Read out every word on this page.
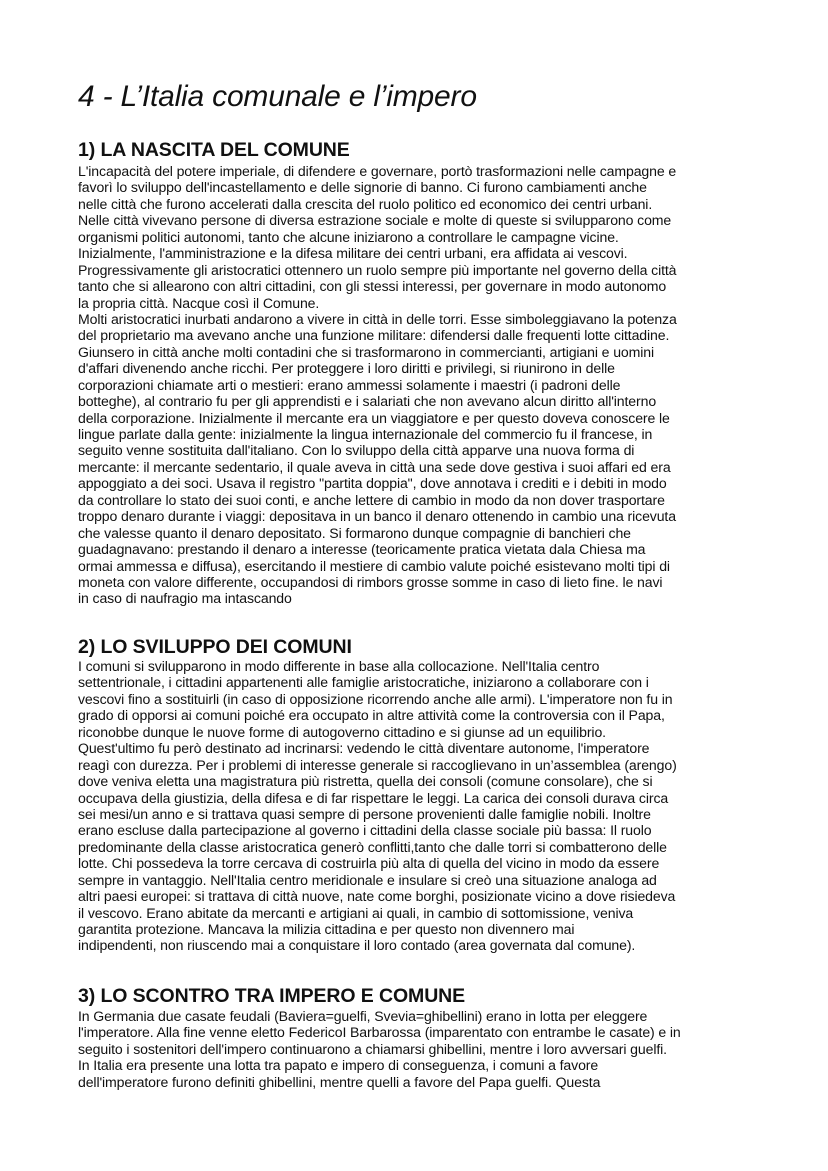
4 - L’Italia comunale e l’impero
1) LA NASCITA DEL COMUNE
L'incapacità del potere imperiale, di difendere e governare, portò trasformazioni nelle campagne e
favorì lo sviluppo dell'incastellamento e delle signorie di banno. Ci furono cambiamenti anche
nelle città che furono accelerati dalla crescita del ruolo politico ed economico dei centri urbani.
Nelle città vivevano persone di diversa estrazione sociale e molte di queste si svilupparono come
organismi politici autonomi, tanto che alcune iniziarono a controllare le campagne vicine.
Inizialmente, l'amministrazione e la difesa militare dei centri urbani, era affidata ai vescovi.
Progressivamente gli aristocratici ottennero un ruolo sempre più importante nel governo della città
tanto che si allearono con altri cittadini, con gli stessi interessi, per governare in modo autonomo
la propria città. Nacque così il Comune.
Molti aristocratici inurbati andarono a vivere in città in delle torri. Esse simboleggiavano la potenza
del proprietario ma avevano anche una funzione militare: difendersi dalle frequenti lotte cittadine.
Giunsero in città anche molti contadini che si trasformarono in commercianti, artigiani e uomini
d'affari divenendo anche ricchi. Per proteggere i loro diritti e privilegi, si riunirono in delle
corporazioni chiamate arti o mestieri: erano ammessi solamente i maestri (i padroni delle
botteghe), al contrario fu per gli apprendisti e i salariati che non avevano alcun diritto all'interno
della corporazione. Inizialmente il mercante era un viaggiatore e per questo doveva conoscere le
lingue parlate dalla gente: inizialmente la lingua internazionale del commercio fu il francese, in
seguito venne sostituita dall'italiano. Con lo sviluppo della città apparve una nuova forma di
mercante: il mercante sedentario, il quale aveva in città una sede dove gestiva i suoi affari ed era
appoggiato a dei soci. Usava il registro "partita doppia", dove annotava i crediti e i debiti in modo
da controllare lo stato dei suoi conti, e anche lettere di cambio in modo da non dover trasportare
troppo denaro durante i viaggi: depositava in un banco il denaro ottenendo in cambio una ricevuta
che valesse quanto il denaro depositato. Si formarono dunque compagnie di banchieri che
guadagnavano: prestando il denaro a interesse (teoricamente pratica vietata dala Chiesa ma
ormai ammessa e diffusa), esercitando il mestiere di cambio valute poiché esistevano molti tipi di
moneta con valore differente, occupandosi di rimbors grosse somme in caso di lieto fine. le navi
in caso di naufragio ma intascando
2) LO SVILUPPO DEI COMUNI
I comuni si svilupparono in modo differente in base alla collocazione. Nell'Italia centro
settentrionale, i cittadini appartenenti alle famiglie aristocratiche, iniziarono a collaborare con i
vescovi fino a sostituirli (in caso di opposizione ricorrendo anche alle armi). L'imperatore non fu in
grado di opporsi ai comuni poiché era occupato in altre attività come la controversia con il Papa,
riconobbe dunque le nuove forme di autogoverno cittadino e si giunse ad un equilibrio.
Quest'ultimo fu però destinato ad incrinarsi: vedendo le città diventare autonome, l'imperatore
reagì con durezza. Per i problemi di interesse generale si raccoglievano in un’assemblea (arengo)
dove veniva eletta una magistratura più ristretta, quella dei consoli (comune consolare), che si
occupava della giustizia, della difesa e di far rispettare le leggi. La carica dei consoli durava circa
sei mesi/un anno e si trattava quasi sempre di persone provenienti dalle famiglie nobili. Inoltre
erano escluse dalla partecipazione al governo i cittadini della classe sociale più bassa: Il ruolo
predominante della classe aristocratica generò conflitti,tanto che dalle torri si combatterono delle
lotte. Chi possedeva la torre cercava di costruirla più alta di quella del vicino in modo da essere
sempre in vantaggio. Nell'Italia centro meridionale e insulare si creò una situazione analoga ad
altri paesi europei: si trattava di città nuove, nate come borghi, posizionate vicino a dove risiedeva
il vescovo. Erano abitate da mercanti e artigiani ai quali, in cambio di sottomissione, veniva
garantita protezione. Mancava la milizia cittadina e per questo non divennero mai
indipendenti, non riuscendo mai a conquistare il loro contado (area governata dal comune).
3) LO SCONTRO TRA IMPERO E COMUNE
In Germania due casate feudali (Baviera=guelfi, Svevia=ghibellini) erano in lotta per eleggere
l'imperatore. Alla fine venne eletto FedericoI Barbarossa (imparentato con entrambe le casate) e in
seguito i sostenitori dell'impero continuarono a chiamarsi ghibellini, mentre i loro avversari guelfi.
In Italia era presente una lotta tra papato e impero di conseguenza, i comuni a favore
dell'imperatore furono definiti ghibellini, mentre quelli a favore del Papa guelfi. Questa
